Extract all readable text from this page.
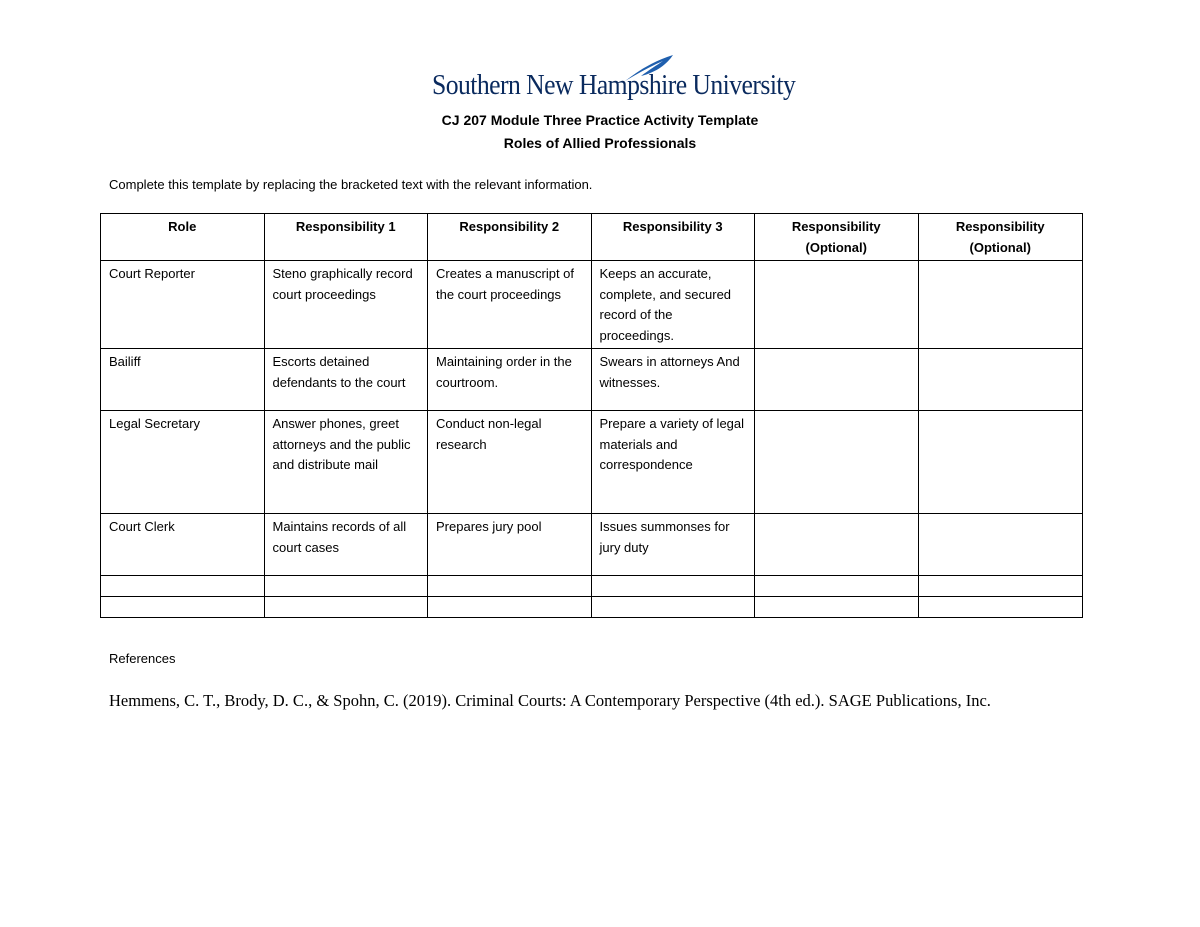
Southern New Hampshire University
CJ 207 Module Three Practice Activity Template
Roles of Allied Professionals
Complete this template by replacing the bracketed text with the relevant information.
Role	Responsibility 1	Responsibility 2	Responsibility 3	Responsibility (Optional)	Responsibility (Optional)
Court Reporter	Steno graphically record court proceedings	Creates a manuscript of the court proceedings	Keeps an accurate, complete, and secured record of the proceedings.		
Bailiff	Escorts detained defendants to the court	Maintaining order in the courtroom.	Swears in attorneys And witnesses.		
Legal Secretary	Answer phones, greet attorneys and the public and distribute mail	Conduct non-legal research	Prepare a variety of legal materials and correspondence		
Court Clerk	Maintains records of all court cases	Prepares jury pool	Issues summonses for jury duty		

References
Hemmens, C. T., Brody, D. C., & Spohn, C. (2019). Criminal Courts: A Contemporary Perspective (4th ed.). SAGE Publications, Inc.
